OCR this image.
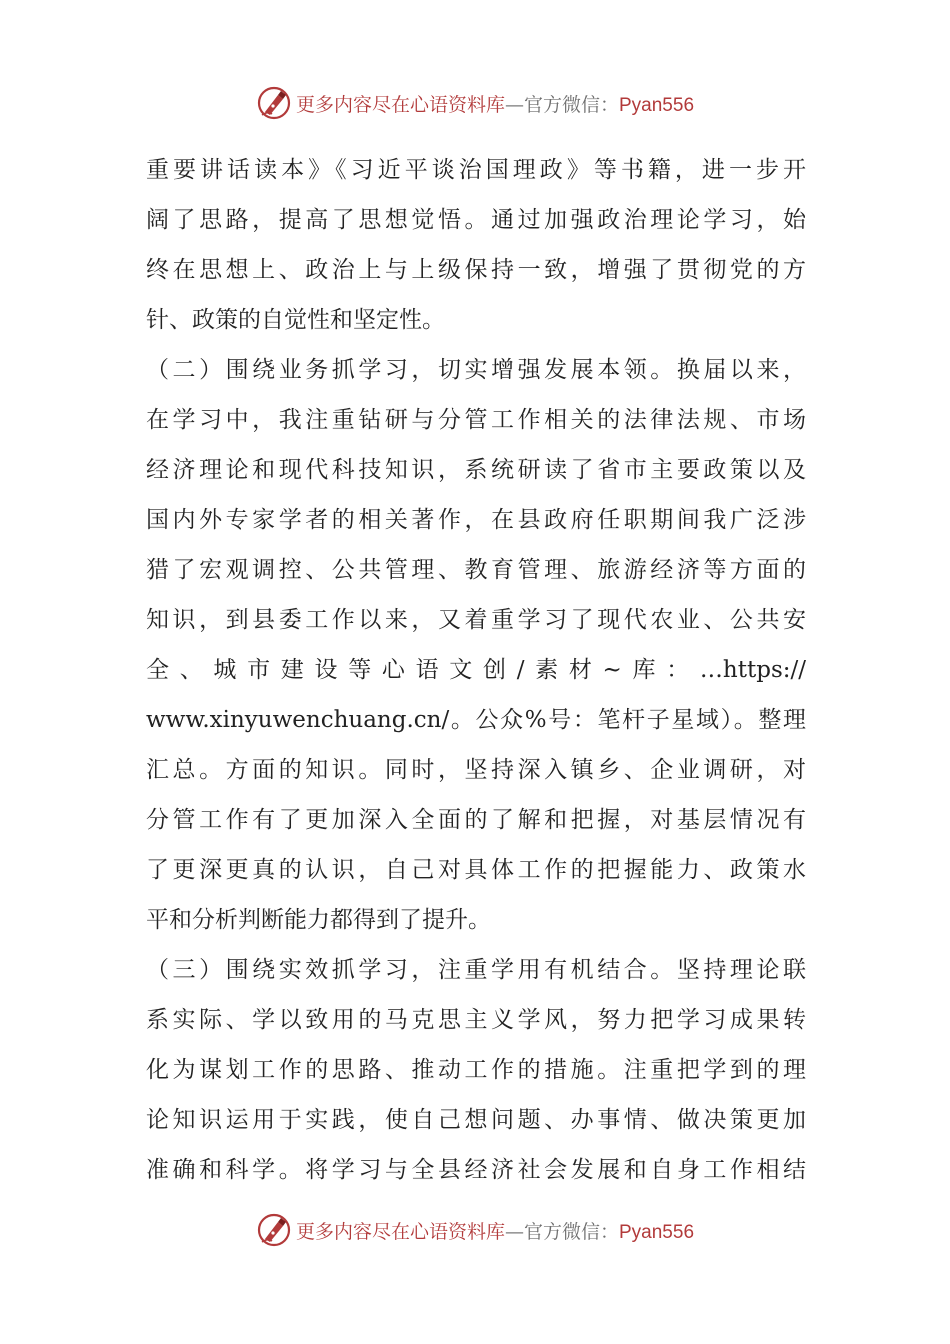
更多内容尽在心语资料库—官方微信：Pyan556
重要讲话读本》《习近平谈治国理政》等书籍，进一步开
阔了思路，提高了思想觉悟。通过加强政治理论学习，始
终在思想上、政治上与上级保持一致，增强了贯彻党的方
针、政策的自觉性和坚定性。
（二）围绕业务抓学习，切实增强发展本领。换届以来，
在学习中，我注重钻研与分管工作相关的法律法规、市场
经济理论和现代科技知识，系统研读了省市主要政策以及
国内外专家学者的相关著作，在县政府任职期间我广泛涉
猎了宏观调控、公共管理、教育管理、旅游经济等方面的
知识，到县委工作以来，又着重学习了现代农业、公共安
全、城市建设等心语文创/素材~库：…https://
www.xinyuwenchuang.cn/。公众%号：笔杆子星域）。整理
汇总。方面的知识。同时，坚持深入镇乡、企业调研，对
分管工作有了更加深入全面的了解和把握，对基层情况有
了更深更真的认识，自己对具体工作的把握能力、政策水
平和分析判断能力都得到了提升。
（三）围绕实效抓学习，注重学用有机结合。坚持理论联
系实际、学以致用的马克思主义学风，努力把学习成果转
化为谋划工作的思路、推动工作的措施。注重把学到的理
论知识运用于实践，使自己想问题、办事情、做决策更加
准确和科学。将学习与全县经济社会发展和自身工作相结
更多内容尽在心语资料库—官方微信：Pyan556
